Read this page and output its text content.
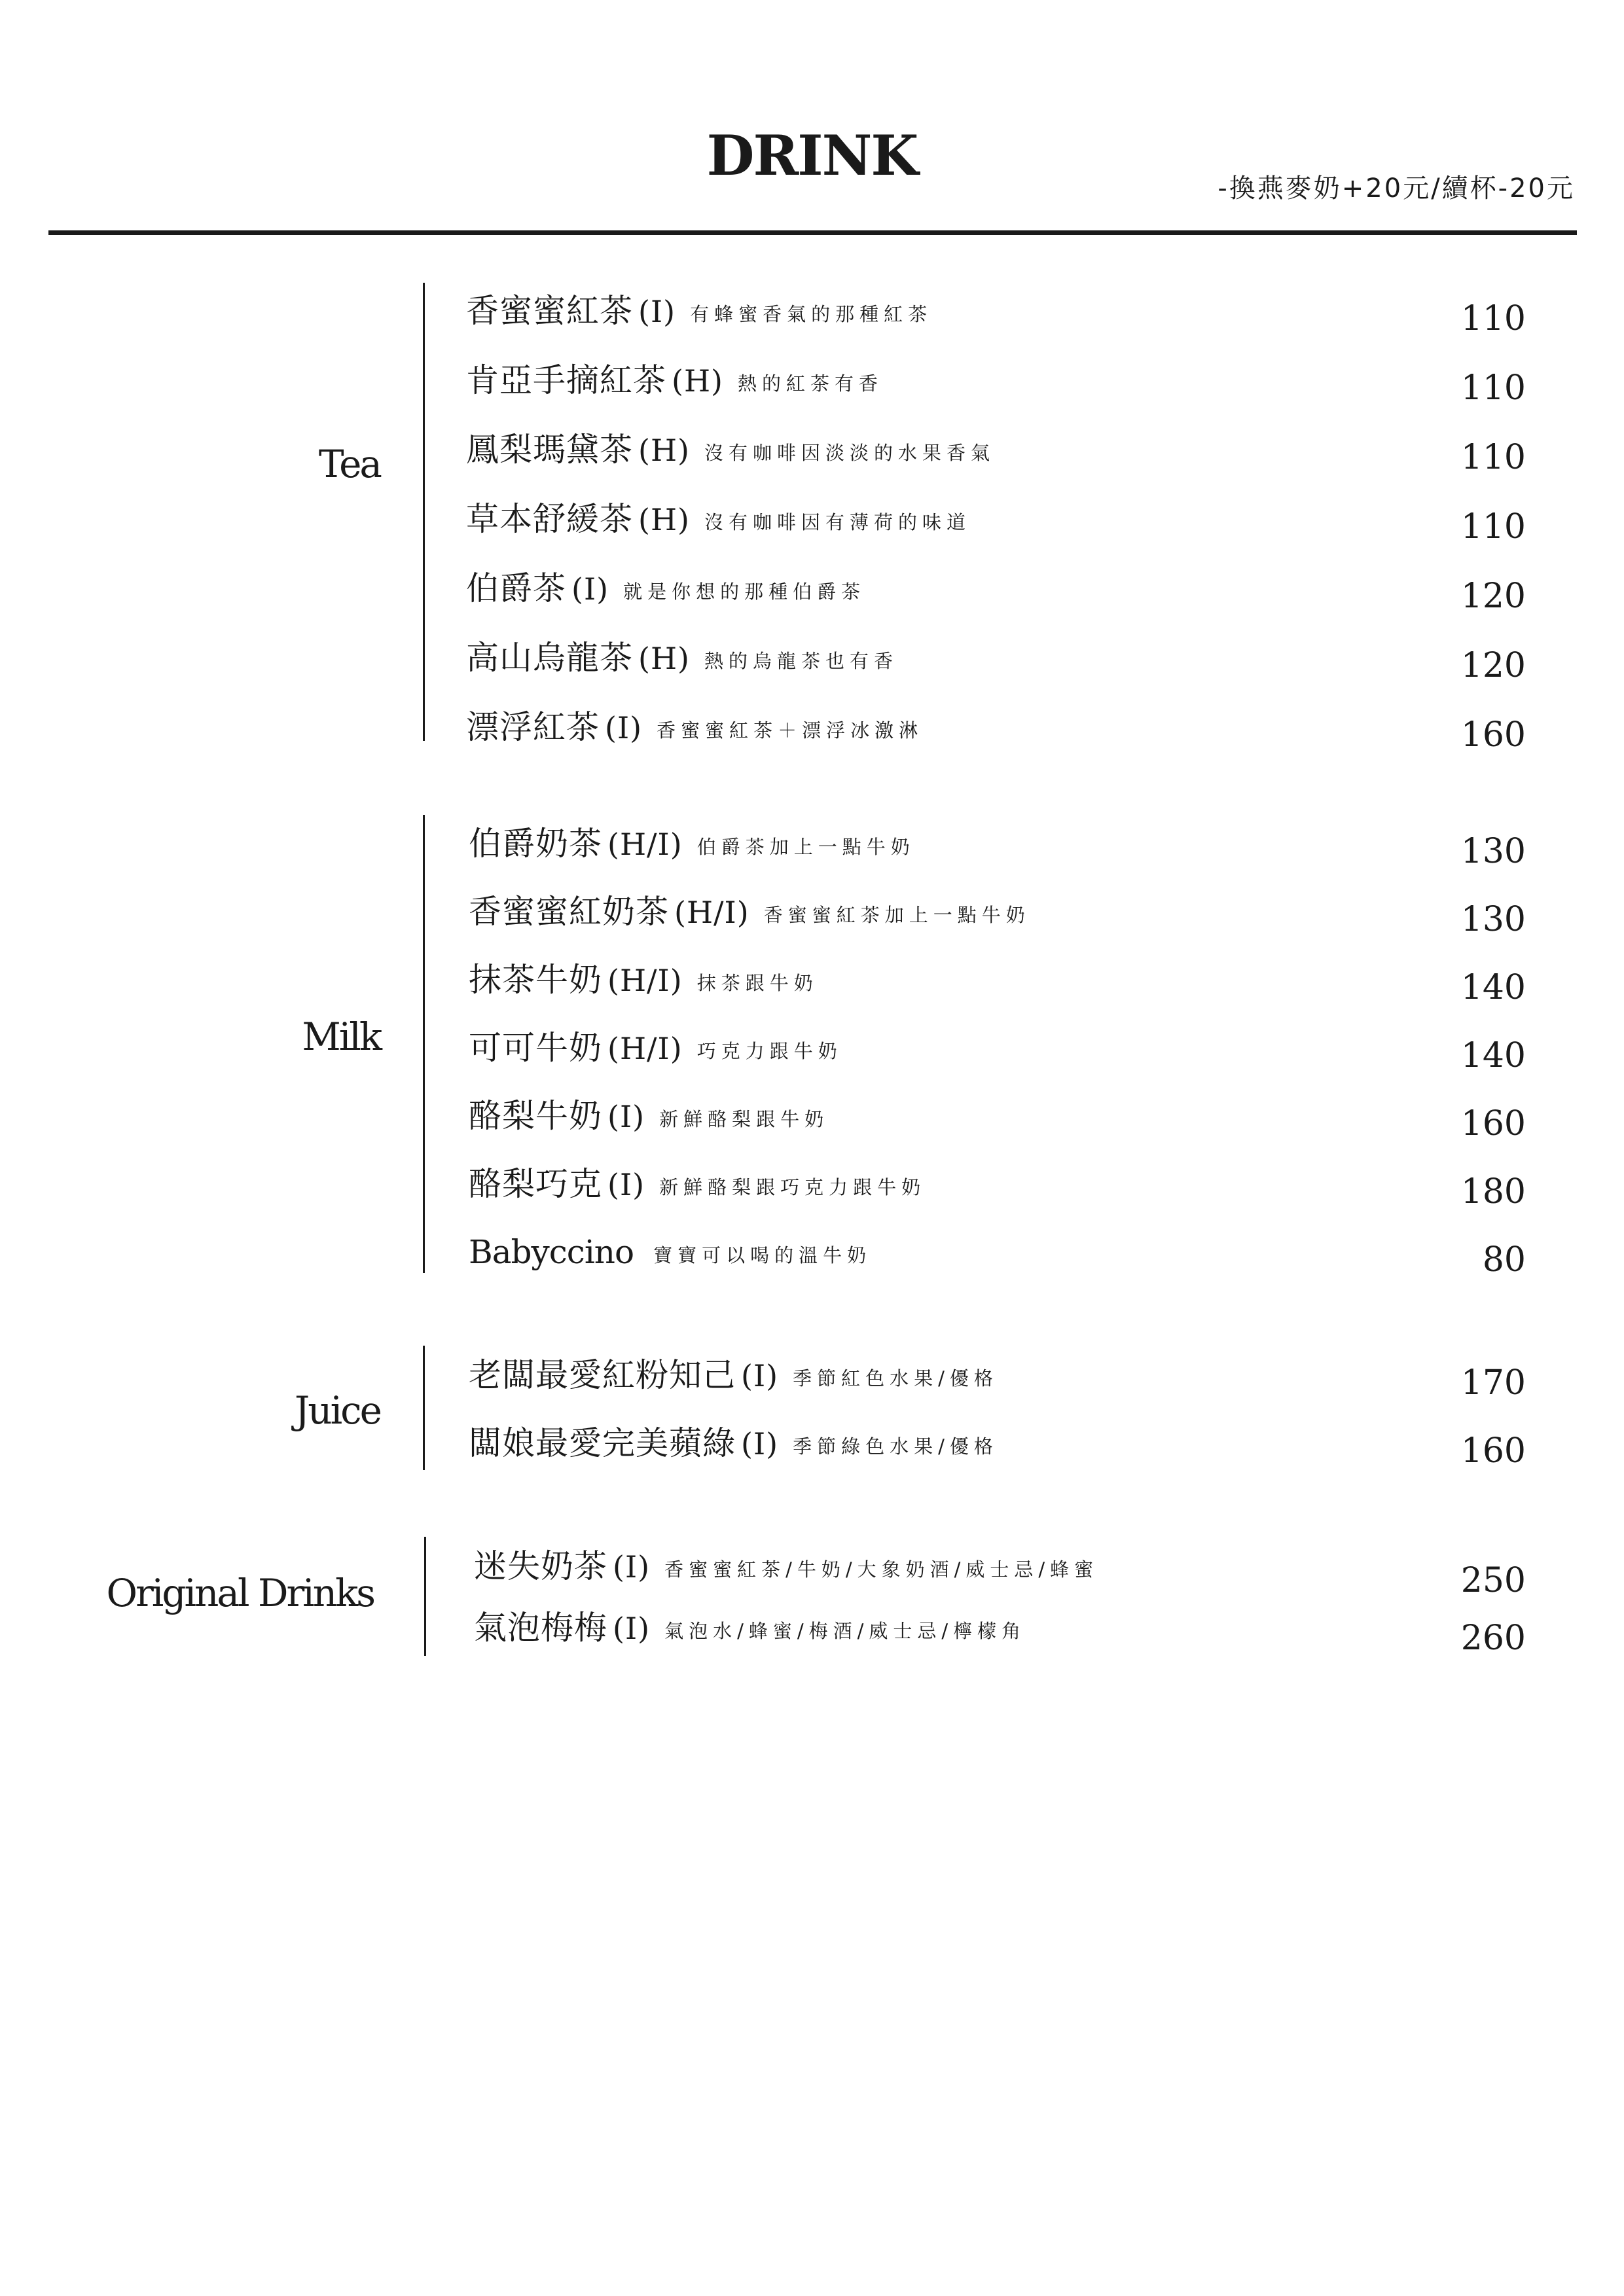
DRINK
-換燕麥奶+20元/續杯-20元
Tea
香蜜蜜紅茶 (I) 有蜂蜜香氣的那種紅茶	110
肯亞手摘紅茶 (H) 熱的紅茶有香	110
鳳梨瑪黛茶 (H) 沒有咖啡因淡淡的水果香氣	110
草本舒緩茶 (H) 沒有咖啡因有薄荷的味道	110
伯爵茶 (I) 就是你想的那種伯爵茶	120
高山烏龍茶 (H) 熱的烏龍茶也有香	120
漂浮紅茶 (I) 香蜜蜜紅茶＋漂浮冰激淋	160
Milk
伯爵奶茶 (H/I) 伯爵茶加上一點牛奶	130
香蜜蜜紅奶茶 (H/I) 香蜜蜜紅茶加上一點牛奶	130
抹茶牛奶 (H/I) 抹茶跟牛奶	140
可可牛奶 (H/I) 巧克力跟牛奶	140
酪梨牛奶 (I) 新鮮酪梨跟牛奶	160
酪梨巧克 (I) 新鮮酪梨跟巧克力跟牛奶	180
Babyccino 寶寶可以喝的溫牛奶	80
Juice
老闆最愛紅粉知己 (I) 季節紅色水果/優格	170
闆娘最愛完美蘋綠 (I) 季節綠色水果/優格	160
Original Drinks
迷失奶茶 (I) 香蜜蜜紅茶/牛奶/大象奶酒/威士忌/蜂蜜	250
氣泡梅梅 (I) 氣泡水/蜂蜜/梅酒/威士忌/檸檬角	260
